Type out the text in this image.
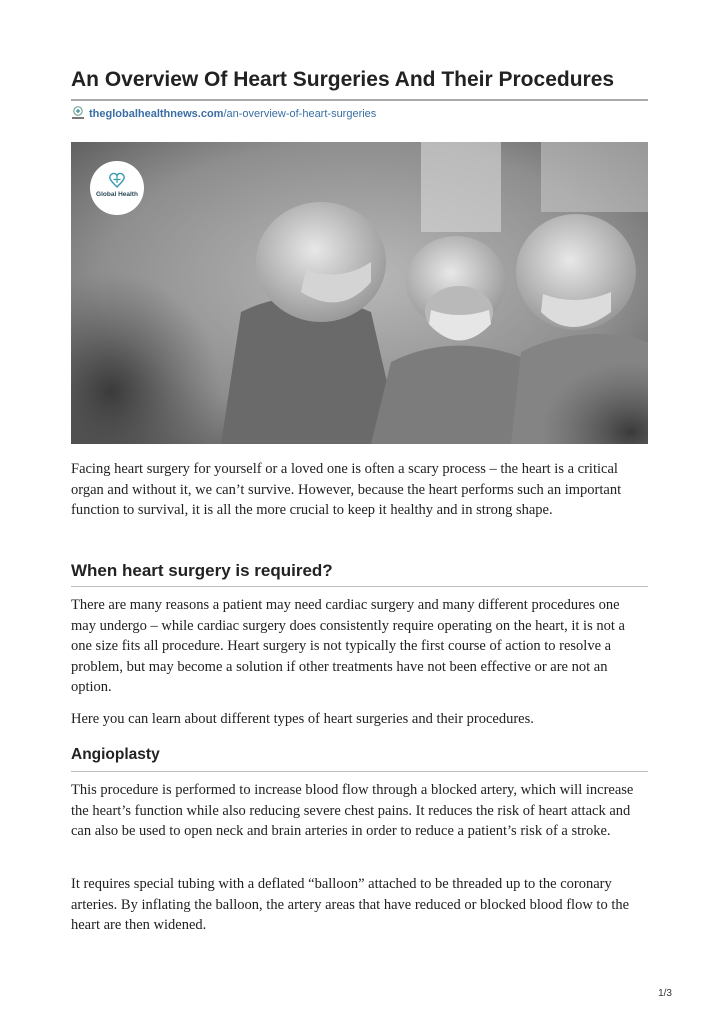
An Overview Of Heart Surgeries And Their Procedures
theglobalhealthnews.com/an-overview-of-heart-surgeries
Global Health

Facing heart surgery for yourself or a loved one is often a scary process – the heart is a critical organ and without it, we can’t survive. However, because the heart performs such an important function to survival, it is all the more crucial to keep it healthy and in strong shape.

When heart surgery is required?

There are many reasons a patient may need cardiac surgery and many different procedures one may undergo – while cardiac surgery does consistently require operating on the heart, it is not a one size fits all procedure. Heart surgery is not typically the first course of action to resolve a problem, but may become a solution if other treatments have not been effective or are not an option.

Here you can learn about different types of heart surgeries and their procedures.

Angioplasty

This procedure is performed to increase blood flow through a blocked artery, which will increase the heart’s function while also reducing severe chest pains. It reduces the risk of heart attack and can also be used to open neck and brain arteries in order to reduce a patient’s risk of a stroke.

It requires special tubing with a deflated “balloon” attached to be threaded up to the coronary arteries. By inflating the balloon, the artery areas that have reduced or blocked blood flow to the heart are then widened.

1/3
